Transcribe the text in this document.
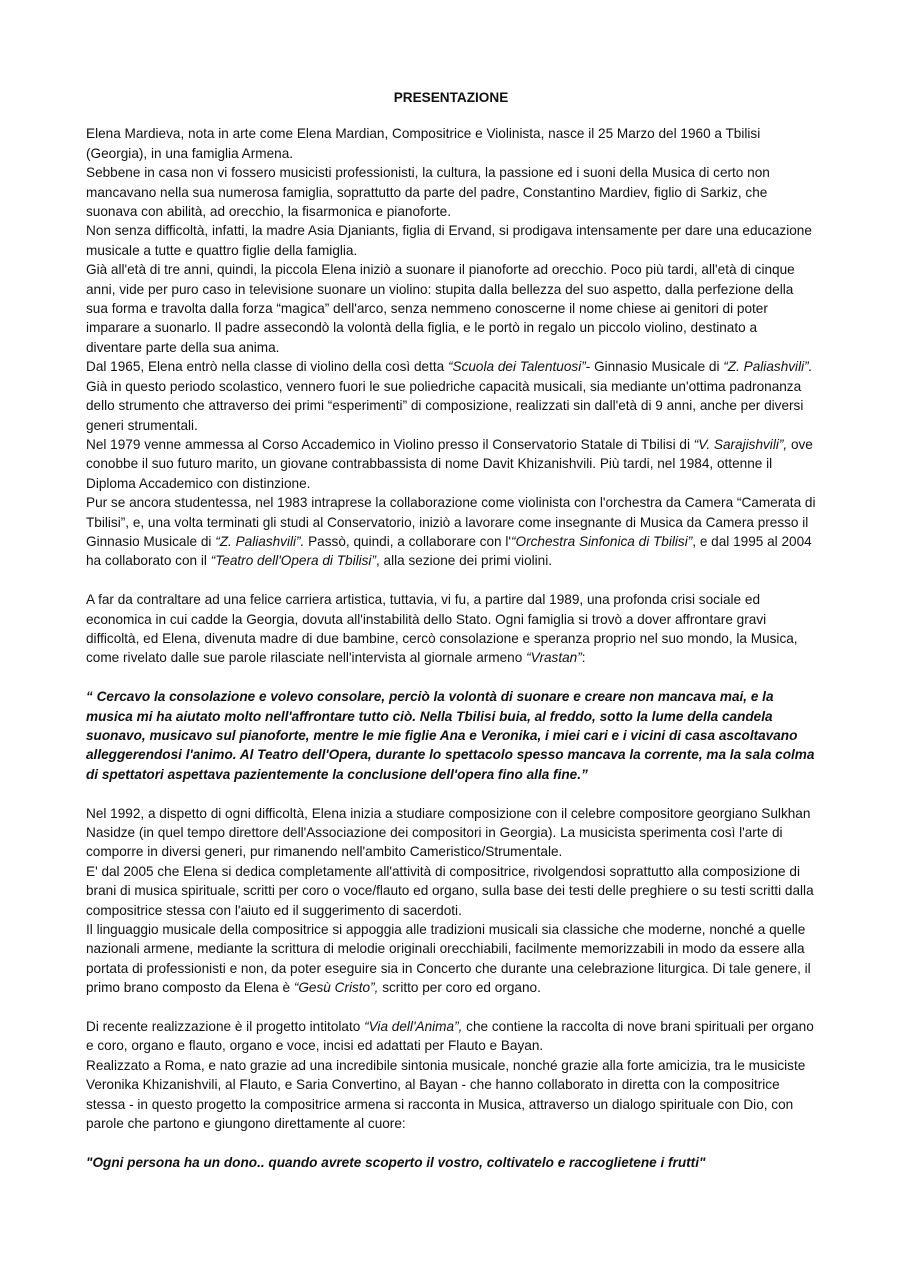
PRESENTAZIONE

Elena Mardieva, nota in arte come Elena Mardian, Compositrice e Violinista, nasce il 25 Marzo del 1960 a Tbilisi (Georgia), in una famiglia Armena.

Sebbene in casa non vi fossero musicisti professionisti, la cultura, la passione ed i suoni della Musica di certo non mancavano nella sua numerosa famiglia, soprattutto da parte del padre, Constantino Mardiev, figlio di Sarkiz, che suonava con abilità, ad orecchio, la fisarmonica e pianoforte.

Non senza difficoltà, infatti, la madre Asia Djaniants, figlia di Ervand, si prodigava intensamente per dare una educazione musicale a tutte e quattro figlie della famiglia.

Già all'età di tre anni, quindi, la piccola Elena iniziò a suonare il pianoforte ad orecchio. Poco più tardi, all'età di cinque anni, vide per puro caso in televisione suonare un violino: stupita dalla bellezza del suo aspetto, dalla perfezione della sua forma e travolta dalla forza “magica” dell'arco, senza nemmeno conoscerne il nome chiese ai genitori di poter imparare a suonarlo. Il padre assecondò la volontà della figlia, e le portò in regalo un piccolo violino, destinato a diventare parte della sua anima.

Dal 1965, Elena entrò nella classe di violino della così detta “Scuola dei Talentuosi”- Ginnasio Musicale di “Z. Paliashvili”. Già in questo periodo scolastico, vennero fuori le sue poliedriche capacità musicali, sia mediante un'ottima padronanza dello strumento che attraverso dei primi “esperimenti” di composizione, realizzati sin dall'età di 9 anni, anche per diversi generi strumentali.

Nel 1979 venne ammessa al Corso Accademico in Violino presso il Conservatorio Statale di Tbilisi di “V. Sarajishvili”, ove conobbe il suo futuro marito, un giovane contrabbassista di nome Davit Khizanishvili. Più tardi, nel 1984, ottenne il Diploma Accademico con distinzione.

Pur se ancora studentessa, nel 1983 intraprese la collaborazione come violinista con l'orchestra da Camera “Camerata di Tbilisi”, e, una volta terminati gli studi al Conservatorio, iniziò a lavorare come insegnante di Musica da Camera presso il Ginnasio Musicale di “Z. Paliashvili”. Passò, quindi, a collaborare con l'“Orchestra Sinfonica di Tbilisi”, e dal 1995 al 2004 ha collaborato con il “Teatro dell'Opera di Tbilisi”, alla sezione dei primi violini.

A far da contraltare ad una felice carriera artistica, tuttavia, vi fu, a partire dal 1989, una profonda crisi sociale ed economica in cui cadde la Georgia, dovuta all'instabilità dello Stato. Ogni famiglia si trovò a dover affrontare gravi difficoltà, ed Elena, divenuta madre di due bambine, cercò consolazione e speranza proprio nel suo mondo, la Musica, come rivelato dalle sue parole rilasciate nell'intervista al giornale armeno “Vrastan”:

“ Cercavo la consolazione e volevo consolare, perciò la volontà di suonare e creare non mancava mai, e la musica mi ha aiutato molto nell'affrontare tutto ciò. Nella Tbilisi buia, al freddo, sotto la lume della candela suonavo, musicavo sul pianoforte, mentre le mie figlie Ana e Veronika, i miei cari e i vicini di casa ascoltavano alleggerendosi l'animo. Al Teatro dell'Opera, durante lo spettacolo spesso mancava la corrente, ma la sala colma di spettatori aspettava pazientemente la conclusione dell'opera fino alla fine.”

Nel 1992, a dispetto di ogni difficoltà, Elena inizia a studiare composizione con il celebre compositore georgiano Sulkhan Nasidze (in quel tempo direttore dell'Associazione dei compositori in Georgia). La musicista sperimenta così l'arte di comporre in diversi generi, pur rimanendo nell'ambito Cameristico/Strumentale.

E' dal 2005 che Elena si dedica completamente all'attività di compositrice, rivolgendosi soprattutto alla composizione di brani di musica spirituale, scritti per coro o voce/flauto ed organo, sulla base dei testi delle preghiere o su testi scritti dalla compositrice stessa con l'aiuto ed il suggerimento di sacerdoti.

Il linguaggio musicale della compositrice si appoggia alle tradizioni musicali sia classiche che moderne, nonché a quelle nazionali armene, mediante la scrittura di melodie originali orecchiabili, facilmente memorizzabili in modo da essere alla portata di professionisti e non, da poter eseguire sia in Concerto che durante una celebrazione liturgica. Di tale genere, il primo brano composto da Elena è “Gesù Cristo”, scritto per coro ed organo.

Di recente realizzazione è il progetto intitolato “Via dell'Anima”, che contiene la raccolta di nove brani spirituali per organo e coro, organo e flauto, organo e voce, incisi ed adattati per Flauto e Bayan.

Realizzato a Roma, e nato grazie ad una incredibile sintonia musicale, nonché grazie alla forte amicizia, tra le musiciste Veronika Khizanishvili, al Flauto, e Saria Convertino, al Bayan - che hanno collaborato in diretta con la compositrice stessa - in questo progetto la compositrice armena si racconta in Musica, attraverso un dialogo spirituale con Dio, con parole che partono e giungono direttamente al cuore:

"Ogni persona ha un dono.. quando avrete scoperto il vostro, coltivatelo e raccoglietene i frutti"
